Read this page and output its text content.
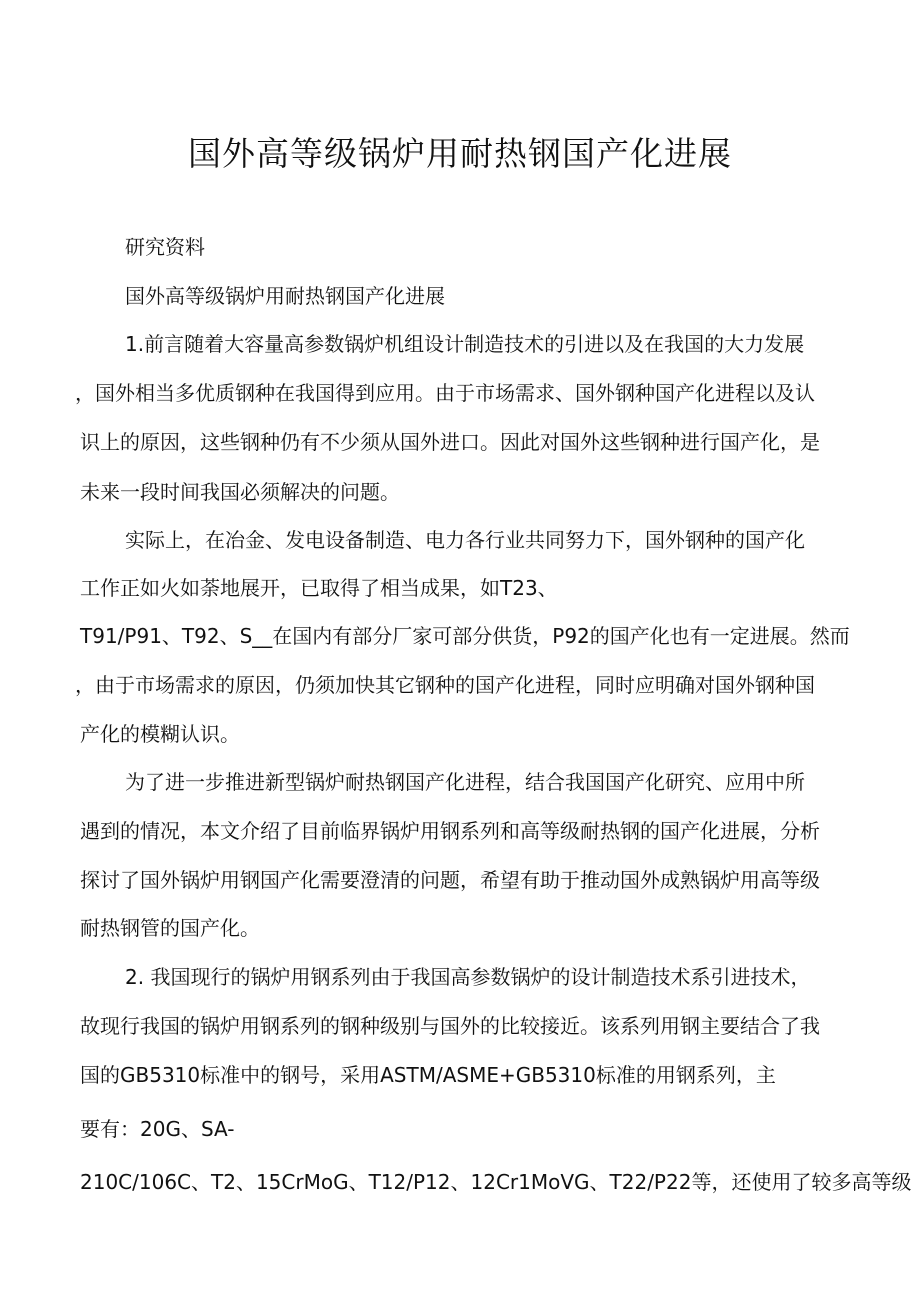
国外高等级锅炉用耐热钢国产化进展
研究资料
国外高等级锅炉用耐热钢国产化进展
1.前言随着大容量高参数锅炉机组设计制造技术的引进以及在我国的大力发展
，国外相当多优质钢种在我国得到应用。由于市场需求、国外钢种国产化进程以及认
识上的原因，这些钢种仍有不少须从国外进口。因此对国外这些钢种进行国产化，是
未来一段时间我国必须解决的问题。
实际上，在冶金、发电设备制造、电力各行业共同努力下，国外钢种的国产化
工作正如火如荼地展开，已取得了相当成果，如T23、
T91/P91、T92、S__在国内有部分厂家可部分供货，P92的国产化也有一定进展。然而
，由于市场需求的原因，仍须加快其它钢种的国产化进程，同时应明确对国外钢种国
产化的模糊认识。
为了进一步推进新型锅炉耐热钢国产化进程，结合我国国产化研究、应用中所
遇到的情况，本文介绍了目前临界锅炉用钢系列和高等级耐热钢的国产化进展，分析
探讨了国外锅炉用钢国产化需要澄清的问题，希望有助于推动国外成熟锅炉用高等级
耐热钢管的国产化。
2. 我国现行的锅炉用钢系列由于我国高参数锅炉的设计制造技术系引进技术，
故现行我国的锅炉用钢系列的钢种级别与国外的比较接近。该系列用钢主要结合了我
国的GB5310标准中的钢号，采用ASTM/ASME+GB5310标准的用钢系列，主
要有：20G、SA-
210C/106C、T2、15CrMoG、T12/P12、12Cr1MoVG、T22/P22等，还使用了较多高等级
